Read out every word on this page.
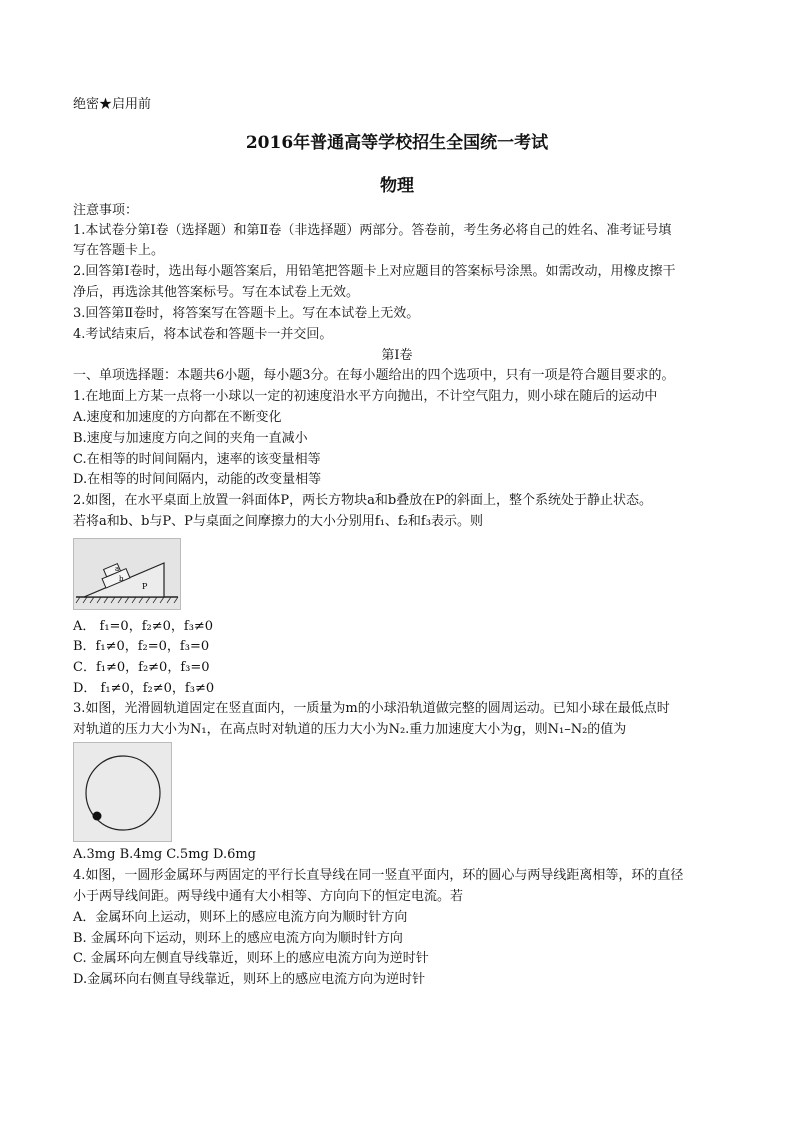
绝密★启用前
2016年普通高等学校招生全国统一考试
物理
注意事项：
1.本试卷分第Ⅰ卷（选择题）和第Ⅱ卷（非选择题）两部分。答卷前，考生务必将自己的姓名、准考证号填
写在答题卡上。
2.回答第Ⅰ卷时，选出每小题答案后，用铅笔把答题卡上对应题目的答案标号涂黑。如需改动，用橡皮擦干
净后，再选涂其他答案标号。写在本试卷上无效。
3.回答第Ⅱ卷时，将答案写在答题卡上。写在本试卷上无效。
4.考试结束后，将本试卷和答题卡一并交回。
第Ⅰ卷
一、单项选择题：本题共6小题，每小题3分。在每小题给出的四个选项中，只有一项是符合题目要求的。
1.在地面上方某一点将一小球以一定的初速度沿水平方向抛出，不计空气阻力，则小球在随后的运动中
A.速度和加速度的方向都在不断变化
B.速度与加速度方向之间的夹角一直减小
C.在相等的时间间隔内，速率的该变量相等
D.在相等的时间间隔内，动能的改变量相等
2.如图，在水平桌面上放置一斜面体P，两长方物块a和b叠放在P的斜面上，整个系统处于静止状态。
若将a和b、b与P、P与桌面之间摩擦力的大小分别用f₁、f₂和f₃表示。则
a
b
P
A． f₁=0，f₂≠0，f₃≠0
B．f₁≠0，f₂=0，f₃=0
C．f₁≠0，f₂≠0，f₃=0
D． f₁≠0，f₂≠0，f₃≠0
3.如图，光滑圆轨道固定在竖直面内，一质量为m的小球沿轨道做完整的圆周运动。已知小球在最低点时
对轨道的压力大小为N₁，在高点时对轨道的压力大小为N₂.重力加速度大小为g，则N₁–N₂的值为
A.3mg B.4mg C.5mg D.6mg
4.如图，一圆形金属环与两固定的平行长直导线在同一竖直平面内，环的圆心与两导线距离相等，环的直径
小于两导线间距。两导线中通有大小相等、方向向下的恒定电流。若
A．金属环向上运动，则环上的感应电流方向为顺时针方向
B. 金属环向下运动，则环上的感应电流方向为顺时针方向
C. 金属环向左侧直导线靠近，则环上的感应电流方向为逆时针
D.金属环向右侧直导线靠近，则环上的感应电流方向为逆时针
